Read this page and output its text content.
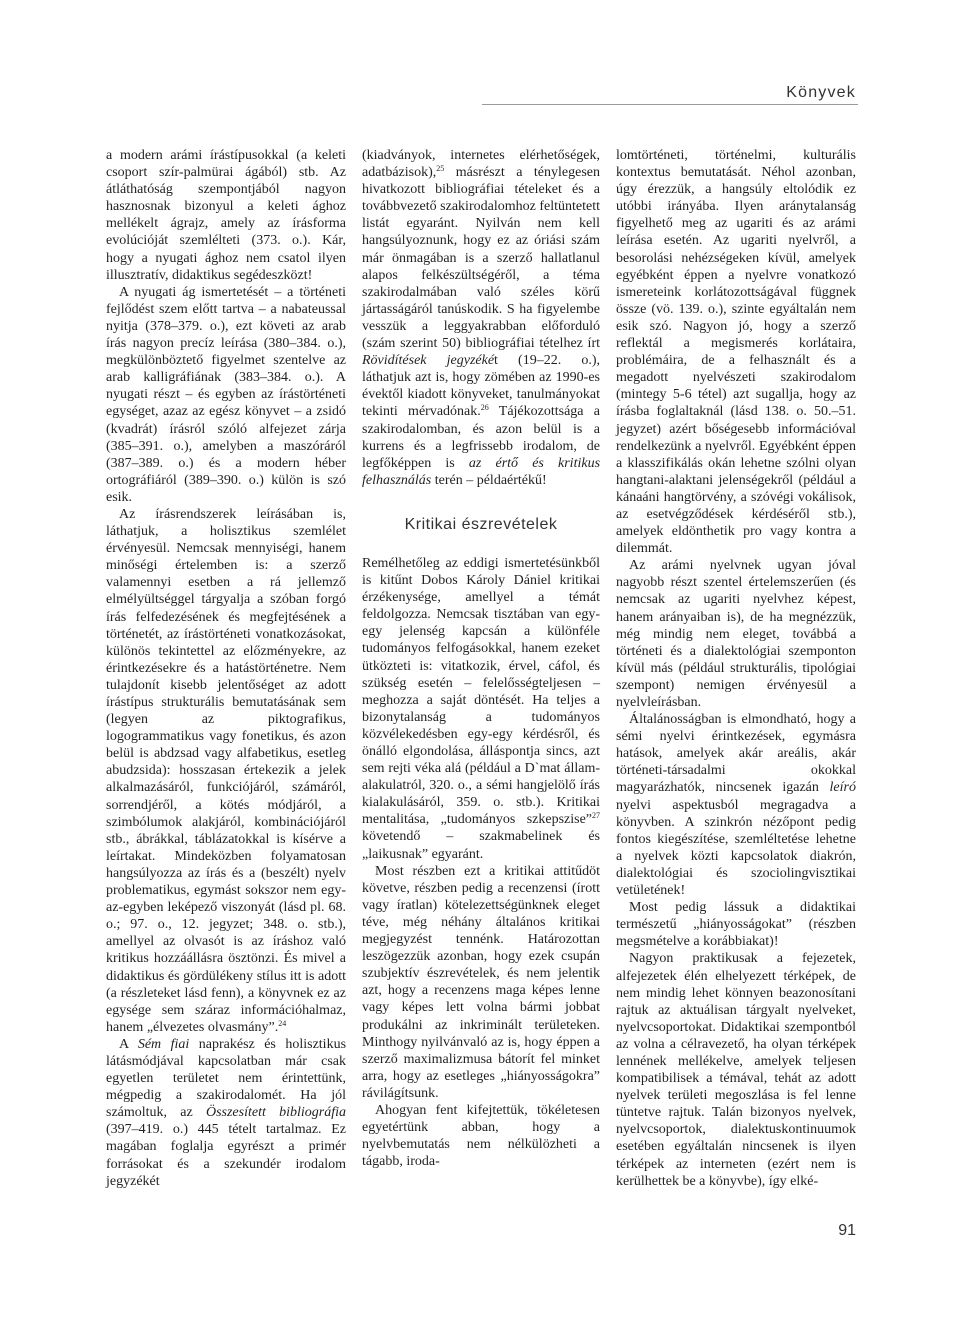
Könyvek

a modern arámi írástípusokkal (a keleti csoport szír-palmürai ágából) stb. Az átláthatóság szempontjából nagyon hasznosnak bizonyul a keleti ághoz mellékelt ágrajz, amely az írásforma evolúcióját szemlélteti (373. o.). Kár, hogy a nyugati ághoz nem csatol ilyen illusztratív, didaktikus segédeszközt!

A nyugati ág ismertetését – a történeti fejlődést szem előtt tartva – a nabateussal nyitja (378–379. o.), ezt követi az arab írás nagyon precíz leírása (380–384. o.), megkülönböztető figyelmet szentelve az arab kalligráfiának (383–384. o.). A nyugati részt – és egyben az írástörténeti egységet, azaz az egész könyvet – a zsidó (kvadrát) írásról szóló alfejezet zárja (385–391. o.), amelyben a maszóráról (387–389. o.) és a modern héber ortográfiáról (389–390. o.) külön is szó esik.

Az írásrendszerek leírásában is, láthatjuk, a holisztikus szemlélet érvényesül. Nemcsak mennyiségi, hanem minőségi értelemben is: a szerző valamennyi esetben a rá jellemző elmélyültséggel tárgyalja a szóban forgó írás felfedezésének és megfejtésének a történetét, az írástörténeti vonatkozásokat, különös tekintettel az előzményekre, az érintkezésekre és a hatástörténetre. Nem tulajdonít kisebb jelentőséget az adott írástípus strukturális bemutatásának sem (legyen az piktografikus, logogrammatikus vagy fonetikus, és azon belül is abdzsad vagy alfabetikus, esetleg abudzsida): hosszasan értekezik a jelek alkalmazásáról, funkciójáról, számáról, sorrendjéről, a kötés módjáról, a szimbólumok alakjáról, kombinációjáról stb., ábrákkal, táblázatokkal is kísérve a leírtakat. Mindeközben folyamatosan hangsúlyozza az írás és a (beszélt) nyelv problematikus, egymást sokszor nem egy-az-egyben leképező viszonyát (lásd pl. 68. o.; 97. o., 12. jegyzet; 348. o. stb.), amellyel az olvasót is az íráshoz való kritikus hozzáállásra ösztönzi. És mivel a didaktikus és gördülékeny stílus itt is adott (a részleteket lásd fenn), a könyvnek ez az egysége sem száraz információhalmaz, hanem „élvezetes olvasmány”.$^{24}$

A Sém fiai naprakész és holisztikus látásmódjával kapcsolatban már csak egyetlen területet nem érintettünk, mégpedig a szakirodalomét. Ha jól számoltuk, az Összesített bibliográfia (397–419. o.) 445 tételt tartalmaz. Ez magában foglalja egyrészt a primér forrásokat és a szekundér irodalom jegyzékét

(kiadványok, internetes elérhetőségek, adatbázisok),$^{25}$ másrészt a ténylegesen hivatkozott bibliográfiai tételeket és a továbbvezető szakirodalomhoz feltüntetett listát egyaránt. Nyilván nem kell hangsúlyoznunk, hogy ez az óriási szám már önmagában is a szerző hallatlanul alapos felkészültségéről, a téma szakirodalmában való széles körű jártasságáról tanúskodik. S ha figyelembe vesszük a leggyakrabban előforduló (szám szerint 50) bibliográfiai tételhez írt Rövidítések jegyzékét (19–22. o.), láthatjuk azt is, hogy zömében az 1990-es évektől kiadott könyveket, tanulmányokat tekinti mérvadónak.$^{26}$ Tájékozottsága a szakirodalomban, és azon belül is a kurrens és a legfrissebb irodalom, de legfőképpen is az értő és kritikus felhasználás terén – példaértékű!

Kritikai észrevételek

Remélhetőleg az eddigi ismertetésünkből is kitűnt Dobos Károly Dániel kritikai érzékenysége, amellyel a témát feldolgozza. Nemcsak tisztában van egy-egy jelenség kapcsán a különféle tudományos felfogásokkal, hanem ezeket ütközteti is: vitatkozik, érvel, cáfol, és szükség esetén – felelősségteljesen – meghozza a saját döntését. Ha teljes a bizonytalanság a tudományos közvélekedésben egy-egy kérdésről, és önálló elgondolása, álláspontja sincs, azt sem rejti véka alá (például a D`mat állam-alakulatról, 320. o., a sémi hangjelölő írás kialakulásáról, 359. o. stb.). Kritikai mentalitása, „tudományos szkepszise”$^{27}$ követendő – szakmabelinek és „laikusnak” egyaránt.

Most részben ezt a kritikai attitűdöt követve, részben pedig a recenzensi (írott vagy íratlan) kötelezettségünknek eleget téve, még néhány általános kritikai megjegyzést tennénk. Határozottan leszögezzük azonban, hogy ezek csupán szubjektív észrevételek, és nem jelentik azt, hogy a recenzens maga képes lenne vagy képes lett volna bármi jobbat produkálni az inkriminált területeken. Minthogy nyilvánvaló az is, hogy éppen a szerző maximalizmusa bátorít fel minket arra, hogy az esetleges „hiányosságokra” rávilágítsunk.

Ahogyan fent kifejtettük, tökéletesen egyetértünk abban, hogy a nyelvbemutatás nem nélkülözheti a tágabb, iroda-

lomtörténeti, történelmi, kulturális kontextus bemutatását. Néhol azonban, úgy érezzük, a hangsúly eltolódik ez utóbbi irányába. Ilyen aránytalanság figyelhető meg az ugariti és az arámi leírása esetén. Az ugariti nyelvről, a besorolási nehézségeken kívül, amelyek egyébként éppen a nyelvre vonatkozó ismereteink korlátozottságával függnek össze (vö. 139. o.), szinte egyáltalán nem esik szó. Nagyon jó, hogy a szerző reflektál a megismerés korlátaira, problémáira, de a felhasznált és a megadott nyelvészeti szakirodalom (mintegy 5-6 tétel) azt sugallja, hogy az írásba foglaltaknál (lásd 138. o. 50.–51. jegyzet) azért bőségesebb információval rendelkezünk a nyelvről. Egyébként éppen a klasszifikálás okán lehetne szólni olyan hangtani-alaktani jelenségekről (például a kánaáni hangtörvény, a szóvégi vokálisok, az esetvégződések kérdéséről stb.), amelyek eldönthetik pro vagy kontra a dilemmát.

Az arámi nyelvnek ugyan jóval nagyobb részt szentel értelemszerűen (és nemcsak az ugariti nyelvhez képest, hanem arányaiban is), de ha megnézzük, még mindig nem eleget, továbbá a történeti és a dialektológiai szemponton kívül más (például strukturális, tipológiai szempont) nemigen érvényesül a nyelvleírásban.

Általánosságban is elmondható, hogy a sémi nyelvi érintkezések, egymásra hatások, amelyek akár areális, akár történeti-társadalmi okokkal magyarázhatók, nincsenek igazán leíró nyelvi aspektusból megragadva a könyvben. A szinkrón nézőpont pedig fontos kiegészítése, szemléltetése lehetne a nyelvek közti kapcsolatok diakrón, dialektológiai és szociolingvisztikai vetületének!

Most pedig lássuk a didaktikai természetű „hiányosságokat” (részben megsmételve a korábbiakat)!

Nagyon praktikusak a fejezetek, alfejezetek élén elhelyezett térképek, de nem mindig lehet könnyen beazonosítani rajtuk az aktuálisan tárgyalt nyelveket, nyelvcsoportokat. Didaktikai szempontból az volna a célravezető, ha olyan térképek lennének mellékelve, amelyek teljesen kompatibilisek a témával, tehát az adott nyelvek területi megoszlása is fel lenne tüntetve rajtuk. Talán bizonyos nyelvek, nyelvcsoportok, dialektuskontinuumok esetében egyáltalán nincsenek is ilyen térképek az interneten (ezért nem is kerülhettek be a könyvbe), így elké-

91
